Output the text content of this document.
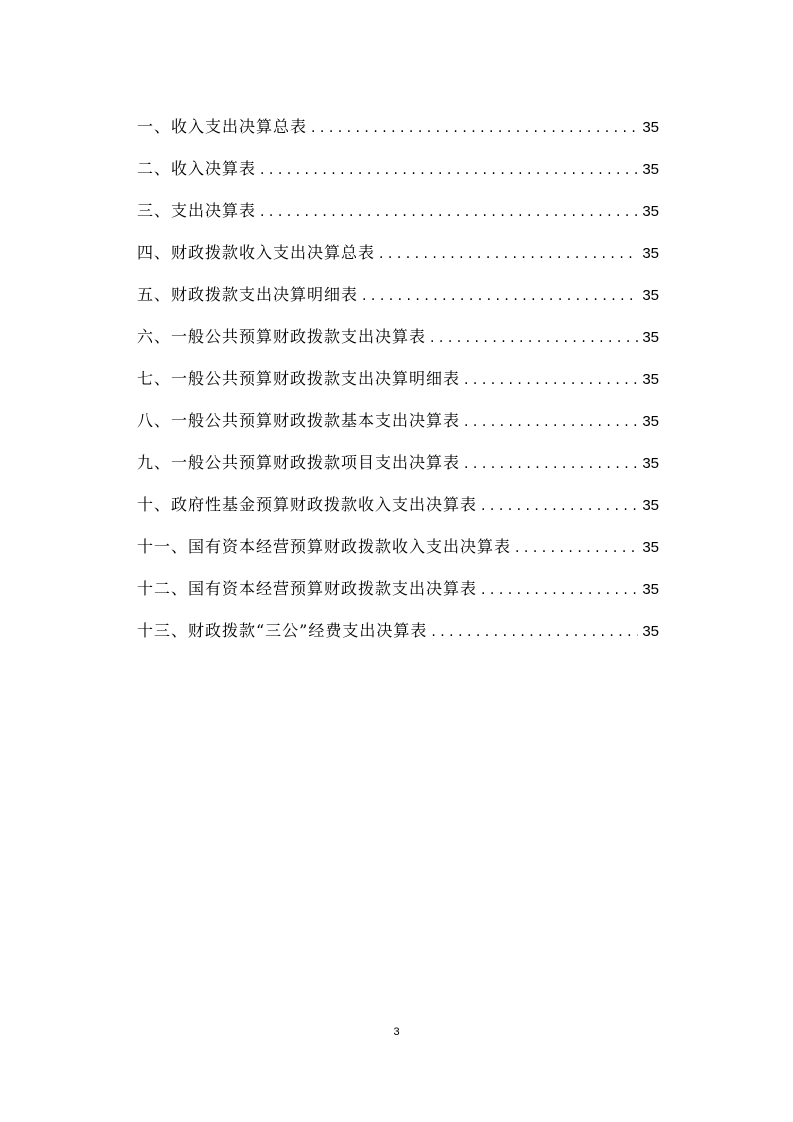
一、收入支出决算总表 . . .	35
二、收入决算表 . . .	35
三、支出决算表 . . .	35
四、财政拨款收入支出决算总表 . . .	35
五、财政拨款支出决算明细表 . . .	35
六、一般公共预算财政拨款支出决算表 . . .	35
七、一般公共预算财政拨款支出决算明细表 . . .	35
八、一般公共预算财政拨款基本支出决算表 . . .	35
九、一般公共预算财政拨款项目支出决算表 . . .	35
十、政府性基金预算财政拨款收入支出决算表 . . .	35
十一、国有资本经营预算财政拨款收入支出决算表 . . .	35
十二、国有资本经营预算财政拨款支出决算表 . . .	35
十三、财政拨款“三公”经费支出决算表 . . .	35
3
